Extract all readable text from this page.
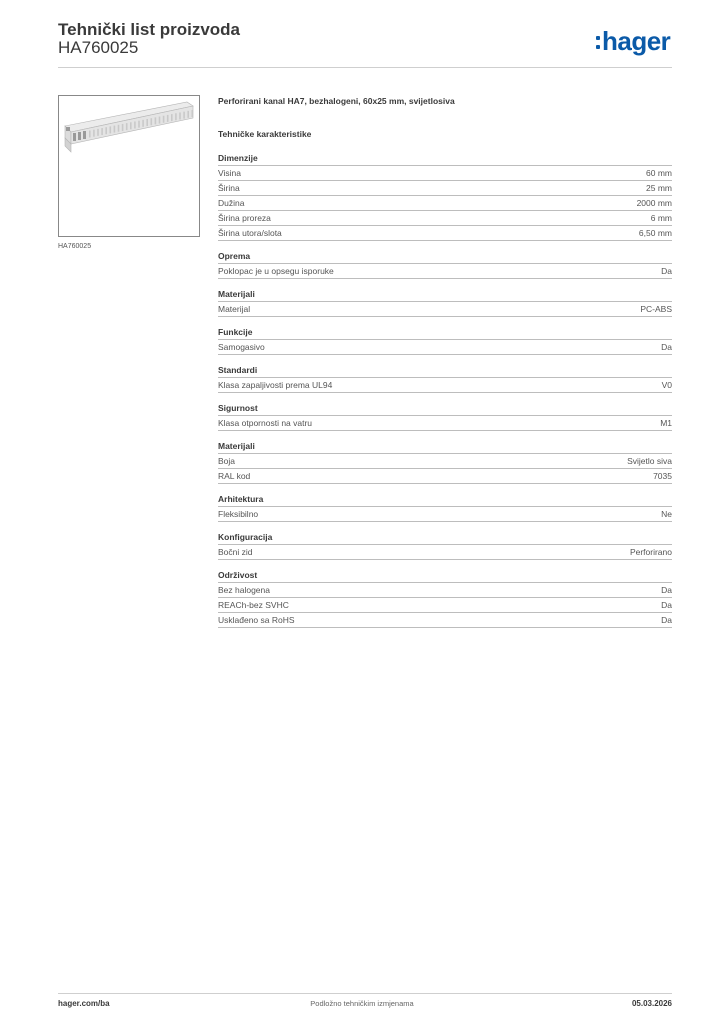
Tehnički list proizvoda
HA760025	hager
HA760025
Perforirani kanal HA7, bezhalogeni, 60x25 mm, svijetlosiva
Tehničke karakteristike
Dimenzije
Visina	60 mm
Širina	25 mm
Dužina	2000 mm
Širina proreza	6 mm
Širina utora/slota	6,50 mm
Oprema
Poklopac je u opsegu isporuke	Da
Materijali
Materijal	PC-ABS
Funkcije
Samogasivo	Da
Standardi
Klasa zapaljivosti prema UL94	V0
Sigurnost
Klasa otpornosti na vatru	M1
Materijali
Boja	Svijetlo siva
RAL kod	7035
Arhitektura
Fleksibilno	Ne
Konfiguracija
Bočni zid	Perforirano
Održivost
Bez halogena	Da
REACh-bez SVHC	Da
Usklađeno sa RoHS	Da
hager.com/ba	Podložno tehničkim izmjenama	05.03.2026
